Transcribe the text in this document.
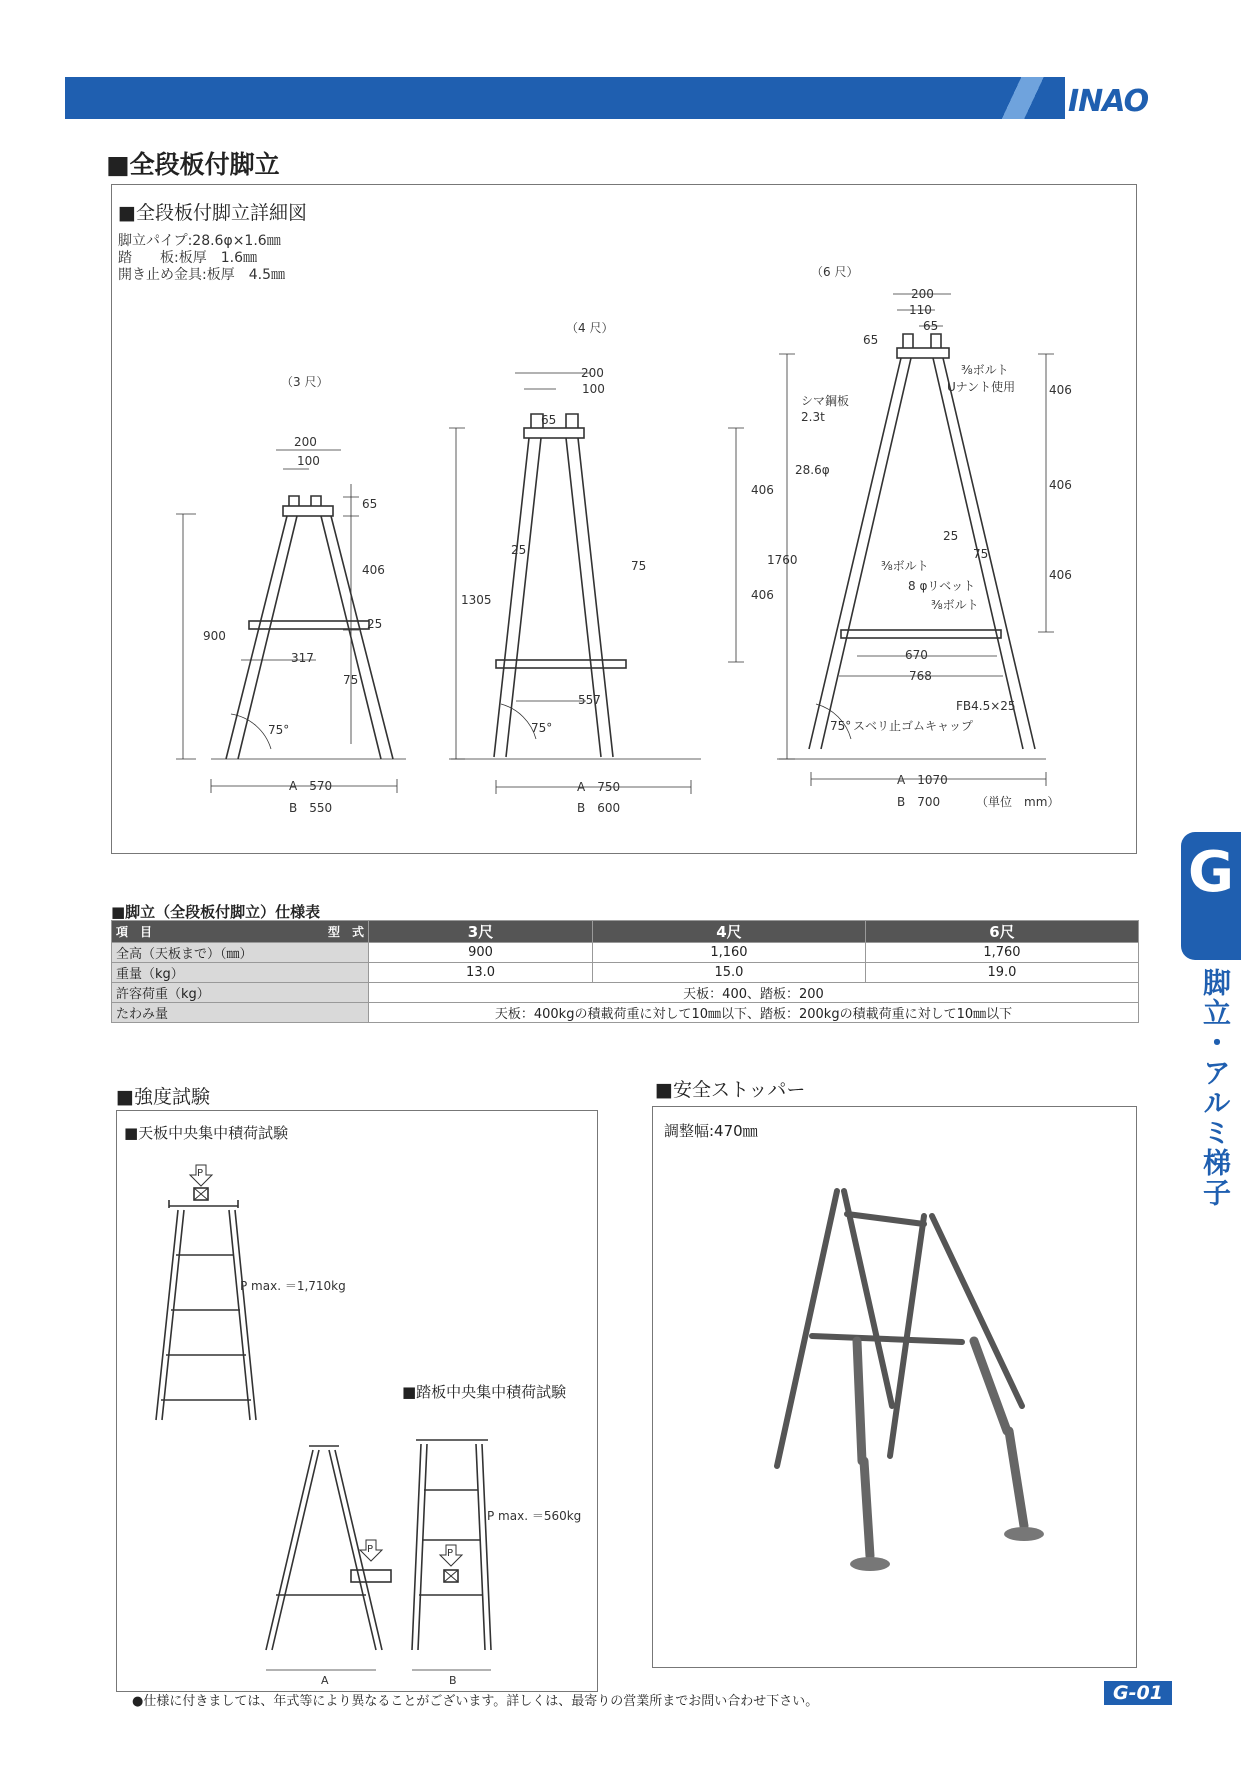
INAO
■全段板付脚立
■全段板付脚立詳細図
脚立パイプ:28.6φ×1.6㎜
踏　　板:板厚　1.6㎜
開き止め金具:板厚　4.5㎜
（3 尺）
200
100
65
406
25
900
317
75
75°
A　570
B　550
（4 尺）
200
100
65
406
406
25
75
1305
557
75°
A　750
B　600
（6 尺）
200
110
65
65
⅜ボルト
Uナント使用
シマ鋼板
2.3t
28.6φ
406
406
406
25
75
1760	⅜ボルト
8 φリベット
⅜ボルト
670
768
FB4.5×25
75° スベリ止ゴムキャップ
A　1070
B　700	（単位　mm）
■脚立（全段板付脚立）仕様表
項　目 型　式	3尺	4尺	6尺
全高（天板まで）（㎜）	900	1,160	1,760
重量（kg）	13.0	15.0	19.0
許容荷重（kg）	天板：400、踏板：200		
たわみ量	天板：400kgの積載荷重に対して10㎜以下、踏板：200kgの積載荷重に対して10㎜以下		
■強度試験
■天板中央集中積荷試験
■踏板中央集中積荷試験
P max. ＝1,710kg
P max. ＝560kg
P
P	P
A	B
■安全ストッパー
調整幅:470㎜
G
脚立・アルミ梯子
●仕様に付きましては、年式等により異なることがございます。詳しくは、最寄りの営業所までお問い合わせ下さい。	G-01
